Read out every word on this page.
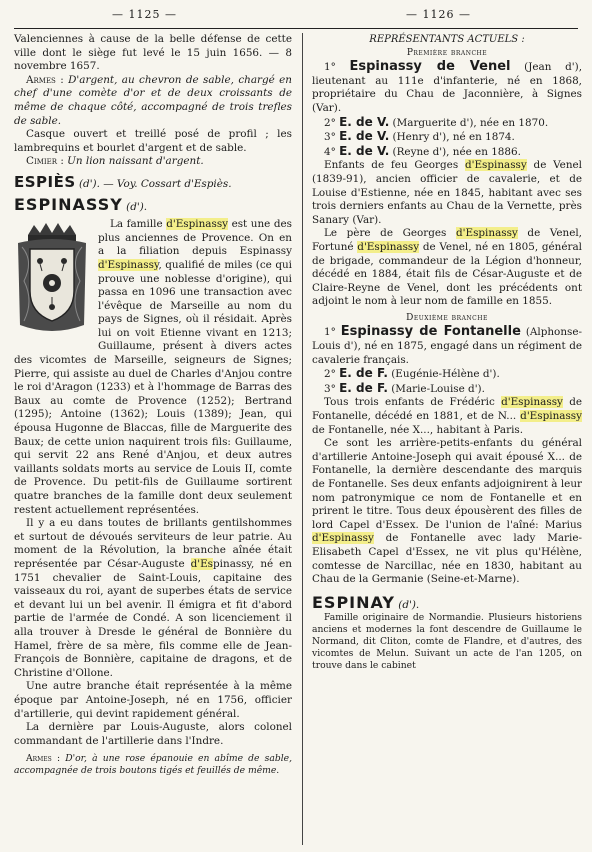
— 1125 —	— 1126 —

Valenciennes à cause de la belle défense de cette ville dont le siège fut levé le 15 juin 1656. — 8 novembre 1657.

Armes : D'argent, au chevron de sable, chargé en chef d'une comète d'or et de deux croissants de même de chaque côté, accompagné de trois trefles de sable.

Casque ouvert et treillé posé de profil ; les lambrequins et bourlet d'argent et de sable.

Cimier : Un lion naissant d'argent.

ESPIÈS (d'). — Voy. Cossart d'Espiès.

ESPINASSY (d').

La famille d'Espinassy est une des plus anciennes de Provence. On en a la filiation depuis Espinassy d'Espinassy, qualifié de miles (ce qui prouve une noblesse d'origine), qui passa en 1096 une transaction avec l'évêque de Marseille au nom du pays de Signes, où il résidait. Après lui on voit Etienne vivant en 1213; Guillaume, présent à divers actes des vicomtes de Marseille, seigneurs de Signes; Pierre, qui assiste au duel de Charles d'Anjou contre le roi d'Aragon (1233) et à l'hommage de Barras des Baux au comte de Provence (1252); Bertrand (1295); Antoine (1362); Louis (1389); Jean, qui épousa Hugonne de Blaccas, fille de Marguerite des Baux; de cette union naquirent trois fils: Guillaume, qui servit 22 ans René d'Anjou, et deux autres vaillants soldats morts au service de Louis II, comte de Provence. Du petit-fils de Guillaume sortirent quatre branches de la famille dont deux seulement restent actuellement représentées.

Il y a eu dans toutes de brillants gentilshommes et surtout de dévoués serviteurs de leur patrie. Au moment de la Révolution, la branche aînée était représentée par César-Auguste d'Espinassy, né en 1751 chevalier de Saint-Louis, capitaine des vaisseaux du roi, ayant de superbes états de service et devant lui un bel avenir. Il émigra et fit d'abord partie de l'armée de Condé. A son licenciement il alla trouver à Dresde le général de Bonnière du Hamel, frère de sa mère, fils comme elle de Jean-François de Bonnière, capitaine de dragons, et de Christine d'Ollone.

Une autre branche était représentée à la même époque par Antoine-Joseph, né en 1756, officier d'artillerie, qui devint rapidement général.

La dernière par Louis-Auguste, alors colonel commandant de l'artillerie dans l'Indre.

Armes : D'or, à une rose épanouie en abîme de sable, accompagnée de trois boutons tigés et feuillés de même.

REPRÉSENTANTS ACTUELS :

Première branche

1° Espinassy de Venel (Jean d'), lieutenant au 111e d'infanterie, né en 1868, propriétaire du Chau de Jaconnière, à Signes (Var).

2° E. de V. (Marguerite d'), née en 1870.

3° E. de V. (Henry d'), né en 1874.

4° E. de V. (Reyne d'), née en 1886.

Enfants de feu Georges d'Espinassy de Venel (1839-91), ancien officier de cavalerie, et de Louise d'Estienne, née en 1845, habitant avec ses trois derniers enfants au Chau de la Vernette, près Sanary (Var).

Le père de Georges d'Espinassy de Venel, Fortuné d'Espinassy de Venel, né en 1805, général de brigade, commandeur de la Légion d'honneur, décédé en 1884, était fils de César-Auguste et de Claire-Reyne de Venel, dont les précédents ont adjoint le nom à leur nom de famille en 1855.

Deuxième branche

1° Espinassy de Fontanelle (Alphonse-Louis d'), né en 1875, engagé dans un régiment de cavalerie français.

2° E. de F. (Eugénie-Hélène d').

3° E. de F. (Marie-Louise d').

Tous trois enfants de Frédéric d'Espinassy de Fontanelle, décédé en 1881, et de N... d'Espinassy de Fontanelle, née X..., habitant à Paris.

Ce sont les arrière-petits-enfants du général d'artillerie Antoine-Joseph qui avait épousé X... de Fontanelle, la dernière descendante des marquis de Fontanelle. Ses deux enfants adjoignirent à leur nom patronymique ce nom de Fontanelle et en prirent le titre. Tous deux épousèrent des filles de lord Capel d'Essex. De l'union de l'aîné: Marius d'Espinassy de Fontanelle avec lady Marie-Elisabeth Capel d'Essex, ne vit plus qu'Hélène, comtesse de Narcillac, née en 1830, habitant au Chau de la Germanie (Seine-et-Marne).

ESPINAY (d').

Famille originaire de Normandie. Plusieurs historiens anciens et modernes la font descendre de Guillaume le Normand, dit Cliton, comte de Flandre, et d'autres, des vicomtes de Melun. Suivant un acte de l'an 1205, on trouve dans le cabinet
